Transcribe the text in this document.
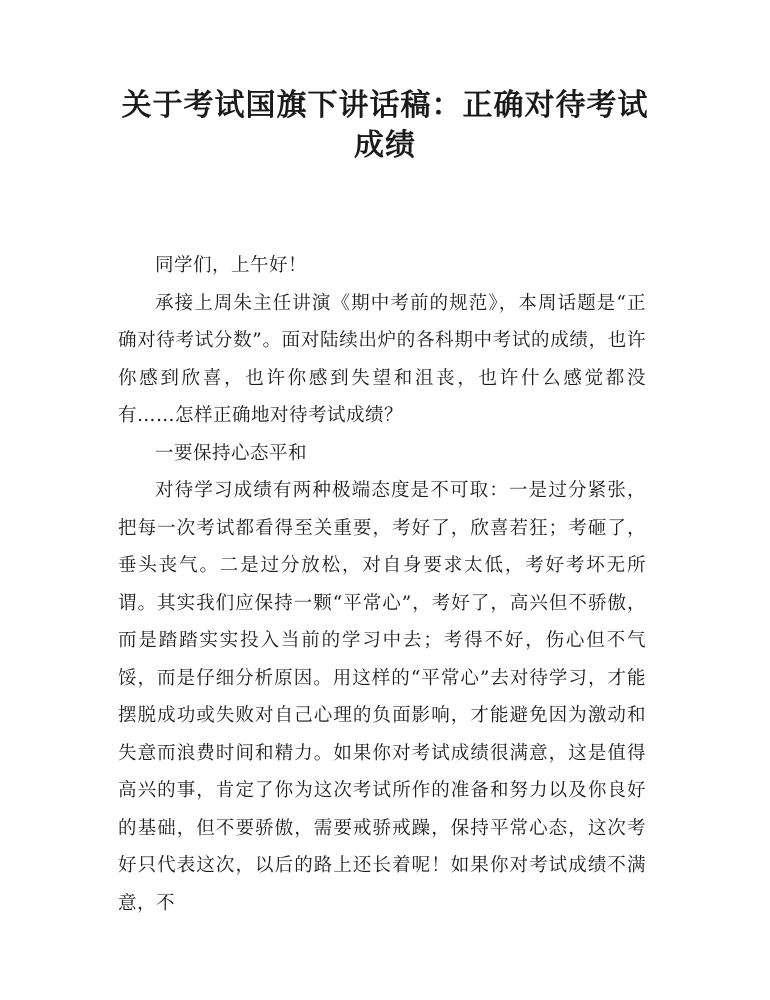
关于考试国旗下讲话稿：正确对待考试
成绩

同学们，上午好！

承接上周朱主任讲演《期中考前的规范》，本周话题是“正确对待考试分数”。面对陆续出炉的各科期中考试的成绩，也许你感到欣喜，也许你感到失望和沮丧，也许什么感觉都没有……怎样正确地对待考试成绩？

一要保持心态平和

对待学习成绩有两种极端态度是不可取：一是过分紧张，把每一次考试都看得至关重要，考好了，欣喜若狂；考砸了，垂头丧气。二是过分放松，对自身要求太低，考好考坏无所谓。其实我们应保持一颗“平常心”，考好了，高兴但不骄傲，而是踏踏实实投入当前的学习中去；考得不好，伤心但不气馁，而是仔细分析原因。用这样的“平常心”去对待学习，才能摆脱成功或失败对自己心理的负面影响，才能避免因为激动和失意而浪费时间和精力。如果你对考试成绩很满意，这是值得高兴的事，肯定了你为这次考试所作的准备和努力以及你良好的基础，但不要骄傲，需要戒骄戒躁，保持平常心态，这次考好只代表这次，以后的路上还长着呢！如果你对考试成绩不满意，不
